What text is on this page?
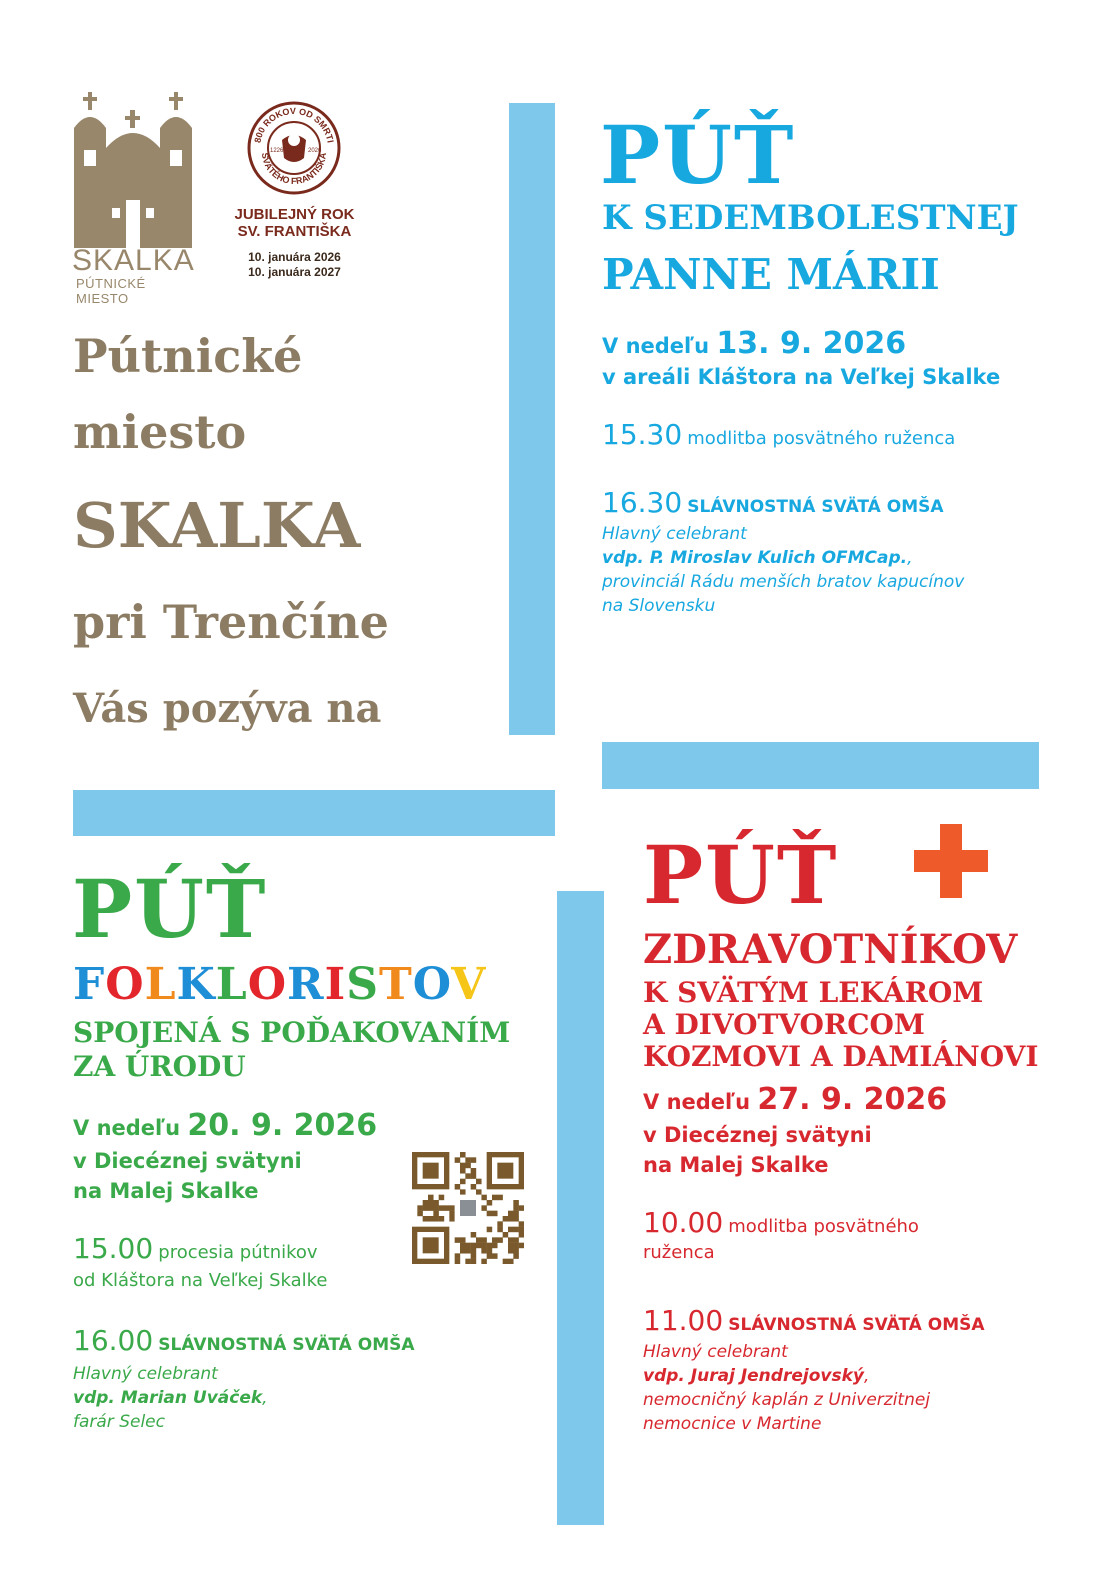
SKALKA
PÚTNICKÉ MIESTO
800 ROKOV OD SMRTI
SVÄTÉHO FRANTIŠKA
1226	2026
JUBILEJNÝ ROK
SV. FRANTIŠKA
10. januára 2026
10. januára 2027
Pútnické
miesto
SKALKA
pri Trenčíne
Vás pozýva na
PÚŤ
K SEDEMBOLESTNEJ
PANNE MÁRII
V nedeľu 13. 9. 2026
v areáli Kláštora na Veľkej Skalke
15.30 modlitba posvätného ruženca
16.30 SLÁVNOSTNÁ SVÄTÁ OMŠA
Hlavný celebrant
vdp. P. Miroslav Kulich OFMCap.,
provinciál Rádu menších bratov kapucínov
na Slovensku
PÚŤ
FOLKLORISTOV
SPOJENÁ S POĎAKOVANÍM
ZA ÚRODU
V nedeľu 20. 9. 2026
v Diecéznej svätyni
na Malej Skalke
15.00 procesia pútnikov
od Kláštora na Veľkej Skalke
16.00 SLÁVNOSTNÁ SVÄTÁ OMŠA
Hlavný celebrant
vdp. Marian Uváček,
farár Selec
PÚŤ
ZDRAVOTNÍKOV
K SVÄTÝM LEKÁROM
A DIVOTVORCOM
KOZMOVI A DAMIÁNOVI
V nedeľu 27. 9. 2026
v Diecéznej svätyni
na Malej Skalke
10.00 modlitba posvätného
ruženca
11.00 SLÁVNOSTNÁ SVÄTÁ OMŠA
Hlavný celebrant
vdp. Juraj Jendrejovský,
nemocničný kaplán z Univerzitnej
nemocnice v Martine
